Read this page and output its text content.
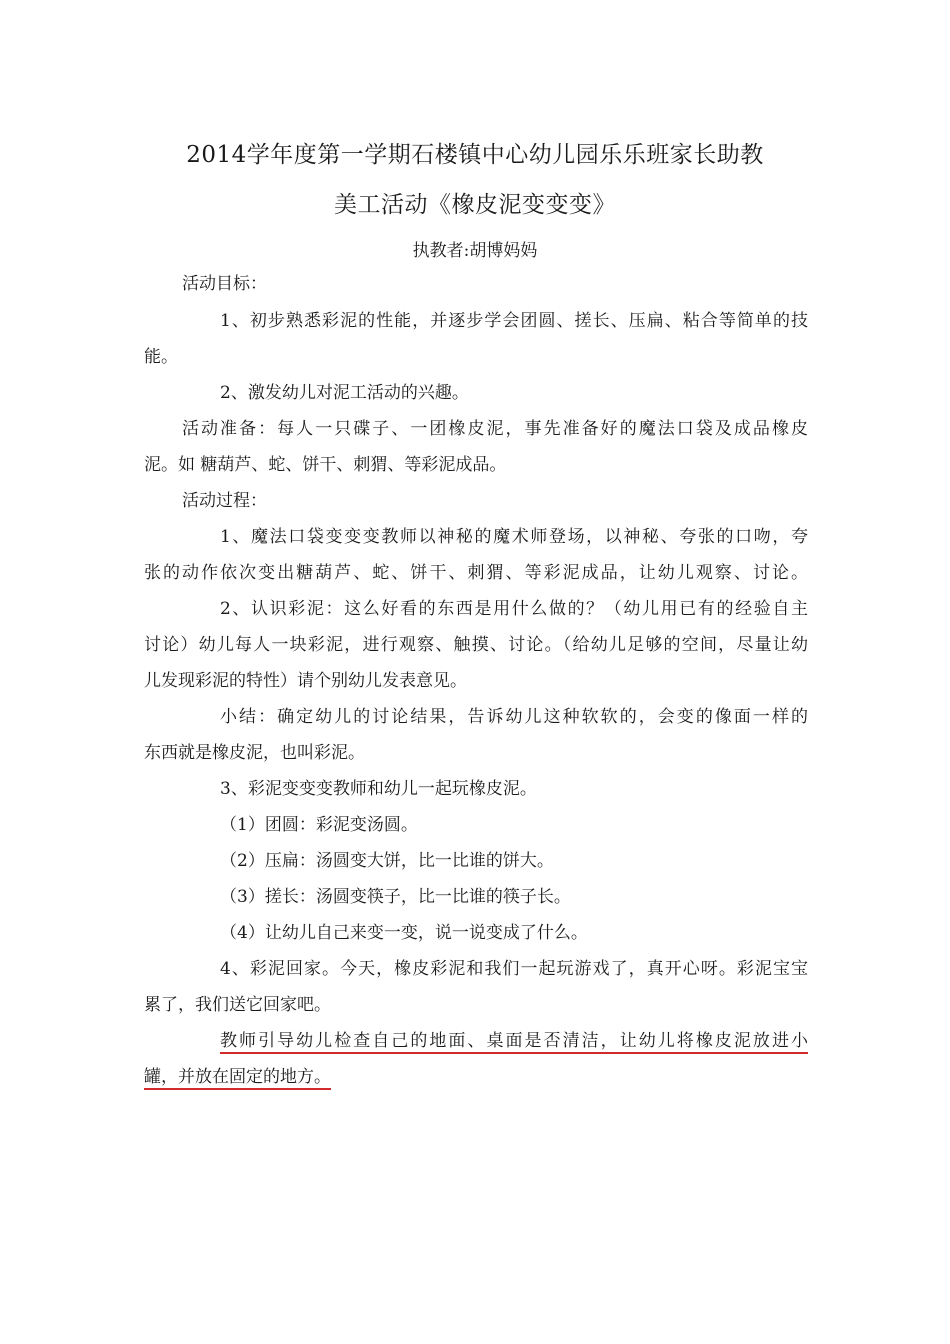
2014学年度第一学期石楼镇中心幼儿园乐乐班家长助教
美工活动《橡皮泥变变变》
执教者:胡博妈妈
活动目标：
1、初步熟悉彩泥的性能，并逐步学会团圆、搓长、压扁、粘合等简单的技
能。
2、激发幼儿对泥工活动的兴趣。
活动准备：每人一只碟子、一团橡皮泥，事先准备好的魔法口袋及成品橡皮
泥。如 糖葫芦、蛇、饼干、刺猬、等彩泥成品。
活动过程：
1、魔法口袋变变变教师以神秘的魔术师登场，以神秘、夸张的口吻，夸
张的动作依次变出糖葫芦、蛇、饼干、刺猬、等彩泥成品，让幼儿观察、讨论。
2、认识彩泥：这么好看的东西是用什么做的？（幼儿用已有的经验自主
讨论）幼儿每人一块彩泥，进行观察、触摸、讨论。（给幼儿足够的空间，尽量让幼
儿发现彩泥的特性）请个别幼儿发表意见。
小结：确定幼儿的讨论结果，告诉幼儿这种软软的，会变的像面一样的
东西就是橡皮泥，也叫彩泥。
3、彩泥变变变教师和幼儿一起玩橡皮泥。
（1）团圆：彩泥变汤圆。
（2）压扁：汤圆变大饼，比一比谁的饼大。
（3）搓长：汤圆变筷子，比一比谁的筷子长。
（4）让幼儿自己来变一变，说一说变成了什么。
4、彩泥回家。今天，橡皮彩泥和我们一起玩游戏了，真开心呀。彩泥宝宝
累了，我们送它回家吧。
教师引导幼儿检查自己的地面、桌面是否清洁，让幼儿将橡皮泥放进小
罐，并放在固定的地方。
